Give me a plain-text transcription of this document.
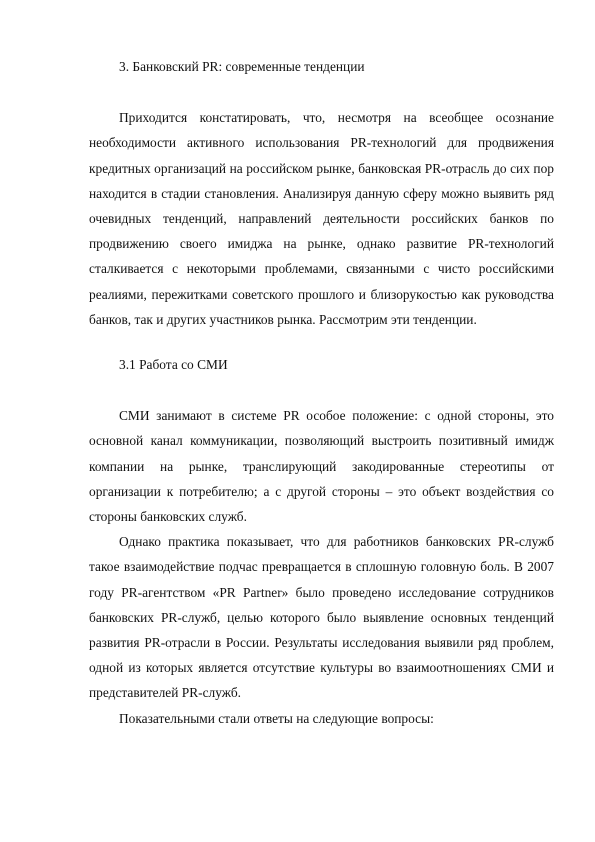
3. Банковский PR: современные тенденции

Приходится констатировать, что, несмотря на всеобщее осознание необходимости активного использования PR-технологий для продвижения кредитных организаций на российском рынке, банковская PR-отрасль до сих пор находится в стадии становления. Анализируя данную сферу можно выявить ряд очевидных тенденций, направлений деятельности российских банков по продвижению своего имиджа на рынке, однако развитие PR-технологий сталкивается с некоторыми проблемами, связанными с чисто российскими реалиями, пережитками советского прошлого и близорукостью как руководства банков, так и других участников рынка. Рассмотрим эти тенденции.

3.1 Работа со СМИ

СМИ занимают в системе PR особое положение: с одной стороны, это основной канал коммуникации, позволяющий выстроить позитивный имидж компании на рынке, транслирующий закодированные стереотипы от организации к потребителю; а с другой стороны – это объект воздействия со стороны банковских служб.

Однако практика показывает, что для работников банковских PR-служб такое взаимодействие подчас превращается в сплошную головную боль. В 2007 году PR-агентством «PR Partner» было проведено исследование сотрудников банковских PR-служб, целью которого было выявление основных тенденций развития PR-отрасли в России. Результаты исследования выявили ряд проблем, одной из которых является отсутствие культуры во взаимоотношениях СМИ и представителей PR-служб.

Показательными стали ответы на следующие вопросы:
